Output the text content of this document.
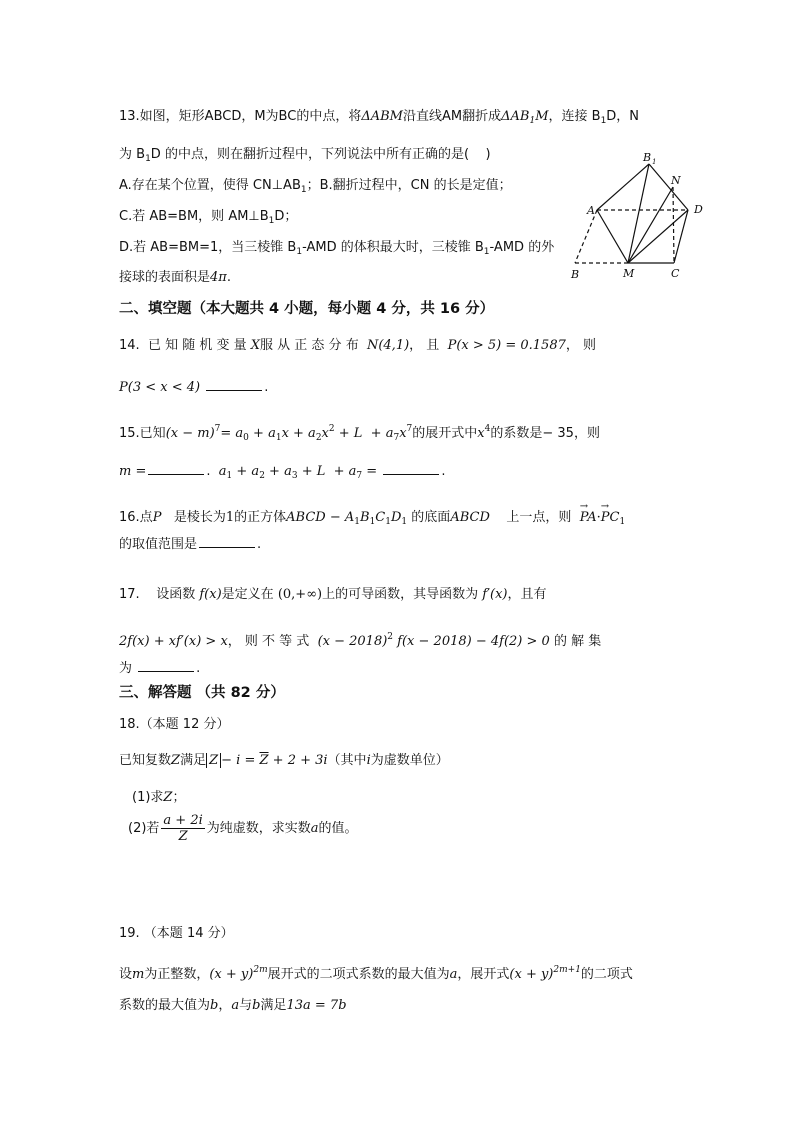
13.如图，矩形ABCD，M为BC的中点，将ΔABM沿直线AM翻折成$\Delta AB_1M$，连接 $B_1D$，N
为 $B_1D$ 的中点，则在翻折过程中，下列说法中所有正确的是( )
A.存在某个位置，使得 $CN\perp AB_1$；B.翻折过程中，CN 的长是定值；
C.若 AB=BM，则 $AM\perp B_1D$；
D.若 AB=BM=1，当三棱锥 $B_1$-AMD 的体积最大时，三棱锥 $B_1$-AMD 的外
接球的表面积是4π.
B 1
N
A	D
B	M	C
二、填空题（本大题共 4 小题，每小题 4 分，共 16 分）
14. 已 知 随 机 变 量 X服 从 正 态 分 布 N(4,1)， 且 P(x > 5) = 0.1587， 则
P(3 < x < 4)	.
15.已知$(x - m)^7= a_0 + a_1x + a_2x^2 + L + a_7x^7$的展开式中$x^4$的系数是− 35，则
m =	. $a_1 + a_2 + a_3 + L + a_7$ =	.
16.点P 是棱长为1的正方体ABCD − $A_1B_1C_1D_1$ 的底面ABCD 上一点，则 → $PA\cdot\to PC_1$
的取值范围是	.
17. 设函数 f(x)是定义在 (0,+∞)上的可导函数，其导函数为 f′(x)，且有
2f(x) + xf′(x) > x， 则 不 等 式 $(x - 2018)^2$ f(x − 2018) − 4f(2) > 0 的 解 集
为	.
三、解答题 （共 82 分）
18.（本题 12 分）
已知复数Z满足 $Z - i = \overline{Z} + 2 + 3i$（其中i为虚数单位）
(1)求Z；
(2)若 $\frac{a + 2i}{Z}$ 为纯虚数，求实数a的值。
19. （本题 14 分）
设m为正整数，$(x + y)^{2m}$展开式的二项式系数的最大值为a，展开式$(x + y)^{2m+1}$的二项式
系数的最大值为b，a与b满足13a = 7b
